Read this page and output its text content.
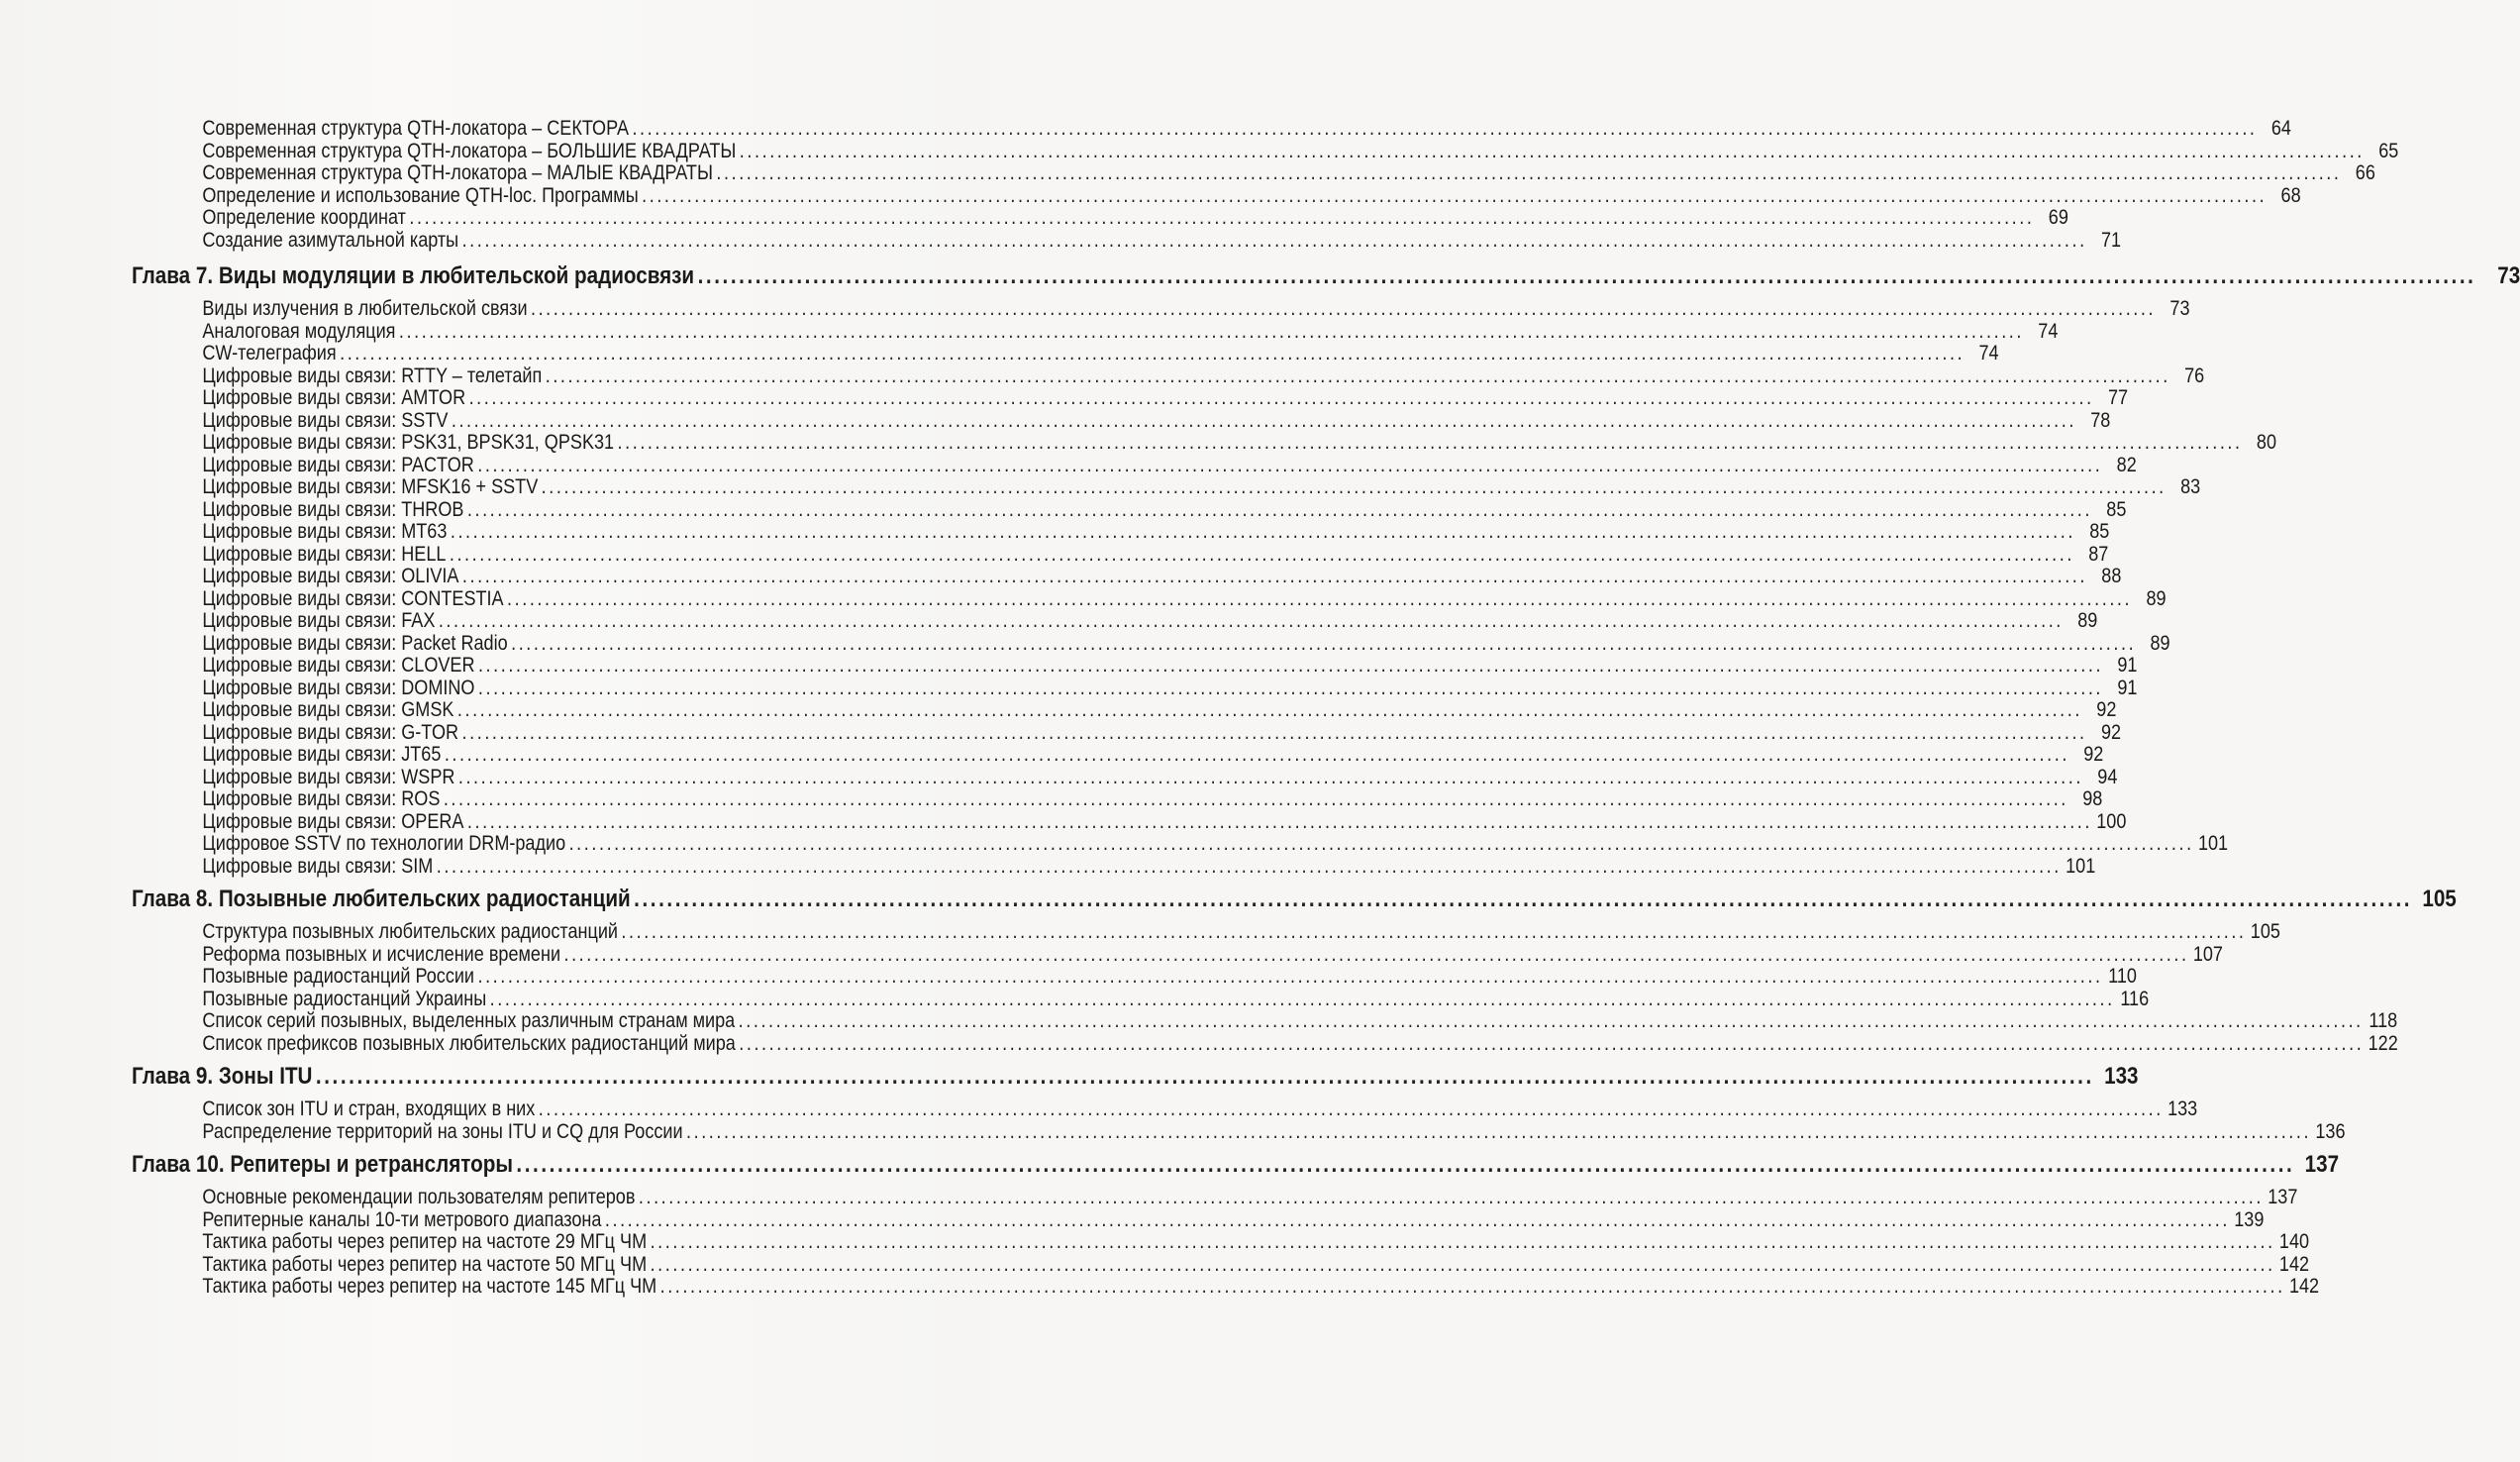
Современная структура QTH-локатора – СЕКТОРА .....	64
Современная структура QTH-локатора – БОЛЬШИЕ КВАДРАТЫ .....	65
Современная структура QTH-локатора – МАЛЫЕ КВАДРАТЫ .....	66
Определение и использование QTH-loc. Программы .....	68
Определение координат .....	69
Создание азимутальной карты .....	71
Глава 7. Виды модуляции в любительской радиосвязи .....	73
Виды излучения в любительской связи .....	73
Аналоговая модуляция .....	74
CW-телеграфия .....	74
Цифровые виды связи: RTTY – телетайп .....	76
Цифровые виды связи: AMTOR .....	77
Цифровые виды связи: SSTV .....	78
Цифровые виды связи: PSK31, BPSK31, QPSK31 .....	80
Цифровые виды связи: PACTOR .....	82
Цифровые виды связи: MFSK16 + SSTV .....	83
Цифровые виды связи: THROB .....	85
Цифровые виды связи: MT63 .....	85
Цифровые виды связи: HELL .....	87
Цифровые виды связи: OLIVIA .....	88
Цифровые виды связи: CONTESTIA .....	89
Цифровые виды связи: FAX .....	89
Цифровые виды связи: Packet Radio .....	89
Цифровые виды связи: CLOVER .....	91
Цифровые виды связи: DOMINO .....	91
Цифровые виды связи: GMSK .....	92
Цифровые виды связи: G-TOR .....	92
Цифровые виды связи: JT65 .....	92
Цифровые виды связи: WSPR .....	94
Цифровые виды связи: ROS .....	98
Цифровые виды связи: OPERA .....	100
Цифровое SSTV по технологии DRM-радио .....	101
Цифровые виды связи: SIM .....	101
Глава 8. Позывные любительских радиостанций .....	105
Структура позывных любительских радиостанций .....	105
Реформа позывных и исчисление времени .....	107
Позывные радиостанций России .....	110
Позывные радиостанций Украины .....	116
Список серий позывных, выделенных различным странам мира .....	118
Список префиксов позывных любительских радиостанций мира .....	122
Глава 9. Зоны ITU .....	133
Список зон ITU и стран, входящих в них .....	133
Распределение территорий на зоны ITU и CQ для России .....	136
Глава 10. Репитеры и ретрансляторы .....	137
Основные рекомендации пользователям репитеров .....	137
Репитерные каналы 10-ти метрового диапазона .....	139
Тактика работы через репитер на частоте 29 МГц ЧМ .....	140
Тактика работы через репитер на частоте 50 МГц ЧМ .....	142
Тактика работы через репитер на частоте 145 МГц ЧМ .....	142
